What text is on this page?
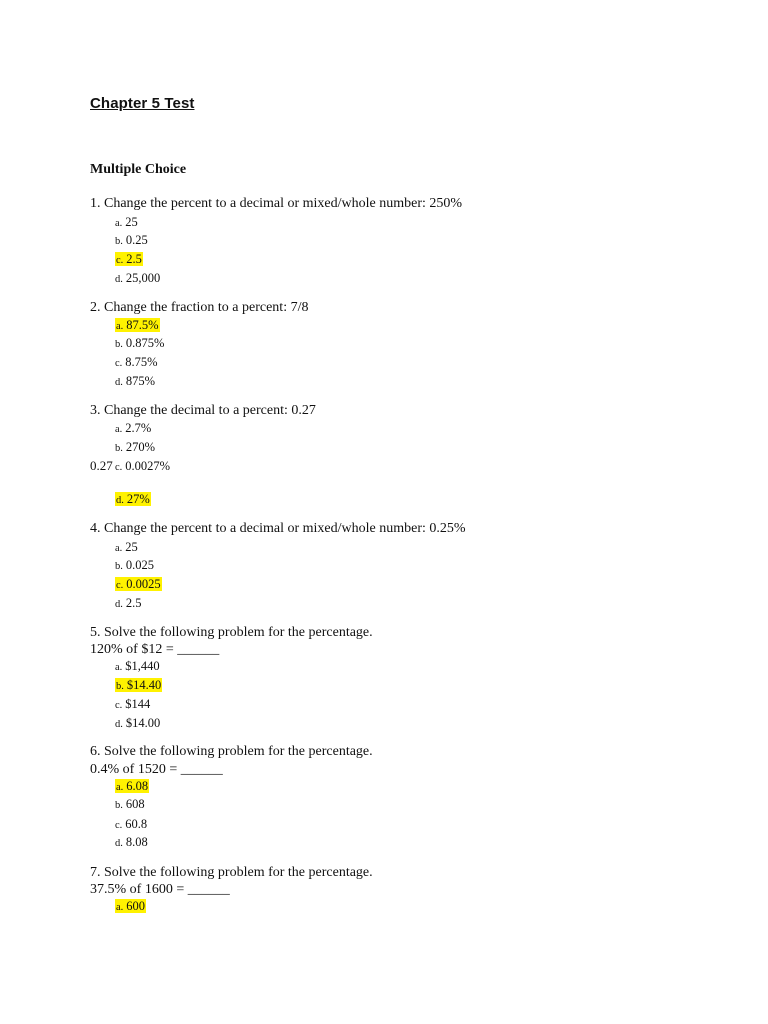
Chapter 5 Test
Multiple Choice
1. Change the percent to a decimal or mixed/whole number: 250%
a. 25
b. 0.25
c. 2.5
d. 25,000
2. Change the fraction to a percent: 7/8
a. 87.5%
b. 0.875%
c. 8.75%
d. 875%
3. Change the decimal to a percent: 0.27
a. 2.7%
b. 270%
0.27 c. 0.0027%
d. 27%
4. Change the percent to a decimal or mixed/whole number: 0.25%
a. 25
b. 0.025
c. 0.0025
d. 2.5
5. Solve the following problem for the percentage.
120% of $12 = ______
a. $1,440
b. $14.40
c. $144
d. $14.00
6. Solve the following problem for the percentage.
0.4% of 1520 = ______
a. 6.08
b. 608
c. 60.8
d. 8.08
7. Solve the following problem for the percentage.
37.5% of 1600 = ______
a. 600
